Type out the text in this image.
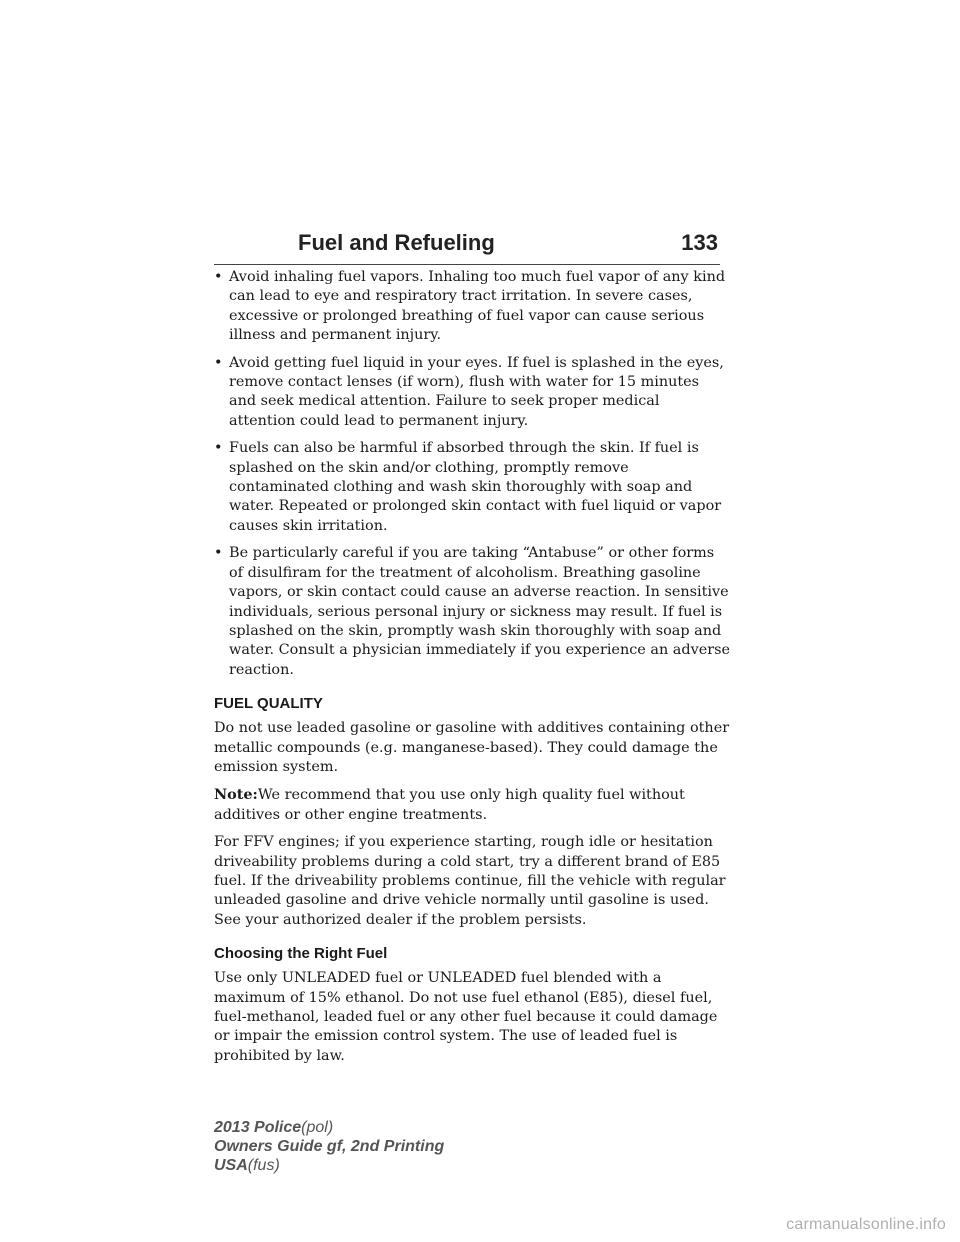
Fuel and Refueling	133
• Avoid inhaling fuel vapors. Inhaling too much fuel vapor of any kind can lead to eye and respiratory tract irritation. In severe cases, excessive or prolonged breathing of fuel vapor can cause serious illness and permanent injury.
• Avoid getting fuel liquid in your eyes. If fuel is splashed in the eyes, remove contact lenses (if worn), flush with water for 15 minutes and seek medical attention. Failure to seek proper medical attention could lead to permanent injury.
• Fuels can also be harmful if absorbed through the skin. If fuel is splashed on the skin and/or clothing, promptly remove contaminated clothing and wash skin thoroughly with soap and water. Repeated or prolonged skin contact with fuel liquid or vapor causes skin irritation.
• Be particularly careful if you are taking “Antabuse” or other forms of disulfiram for the treatment of alcoholism. Breathing gasoline vapors, or skin contact could cause an adverse reaction. In sensitive individuals, serious personal injury or sickness may result. If fuel is splashed on the skin, promptly wash skin thoroughly with soap and water. Consult a physician immediately if you experience an adverse reaction.
FUEL QUALITY

Do not use leaded gasoline or gasoline with additives containing other metallic compounds (e.g. manganese-based). They could damage the emission system.

Note:We recommend that you use only high quality fuel without additives or other engine treatments.

For FFV engines; if you experience starting, rough idle or hesitation driveability problems during a cold start, try a different brand of E85 fuel. If the driveability problems continue, fill the vehicle with regular unleaded gasoline and drive vehicle normally until gasoline is used. See your authorized dealer if the problem persists.

Choosing the Right Fuel

Use only UNLEADED fuel or UNLEADED fuel blended with a maximum of 15% ethanol. Do not use fuel ethanol (E85), diesel fuel, fuel-methanol, leaded fuel or any other fuel because it could damage or impair the emission control system. The use of leaded fuel is prohibited by law.

2013 Police(pol)
Owners Guide gf, 2nd Printing
USA(fus)
carmanualsonline.info
